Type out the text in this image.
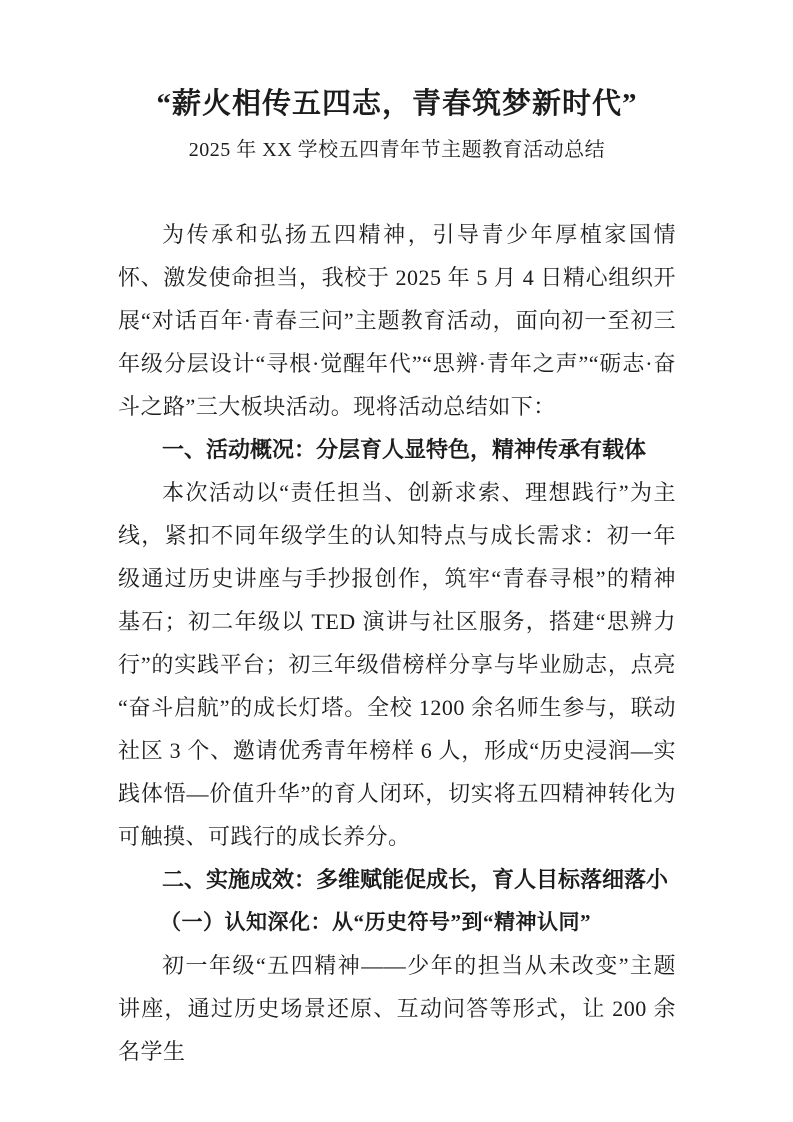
“薪火相传五四志，青春筑梦新时代”
2025 年 XX 学校五四青年节主题教育活动总结

为传承和弘扬五四精神，引导青少年厚植家国情怀、激发使命担当，我校于 2025 年 5 月 4 日精心组织开展“对话百年·青春三问”主题教育活动，面向初一至初三年级分层设计“寻根·觉醒年代”“思辨·青年之声”“砺志·奋斗之路”三大板块活动。现将活动总结如下：

一、活动概况：分层育人显特色，精神传承有载体

本次活动以“责任担当、创新求索、理想践行”为主线，紧扣不同年级学生的认知特点与成长需求：初一年级通过历史讲座与手抄报创作，筑牢“青春寻根”的精神基石；初二年级以 TED 演讲与社区服务，搭建“思辨力行”的实践平台；初三年级借榜样分享与毕业励志，点亮“奋斗启航”的成长灯塔。全校 1200 余名师生参与，联动社区 3 个、邀请优秀青年榜样 6 人，形成“历史浸润—实践体悟—价值升华”的育人闭环，切实将五四精神转化为可触摸、可践行的成长养分。

二、实施成效：多维赋能促成长，育人目标落细落小

（一）认知深化：从“历史符号”到“精神认同”

初一年级“五四精神——少年的担当从未改变”主题讲座，通过历史场景还原、互动问答等形式，让 200 余名学生
